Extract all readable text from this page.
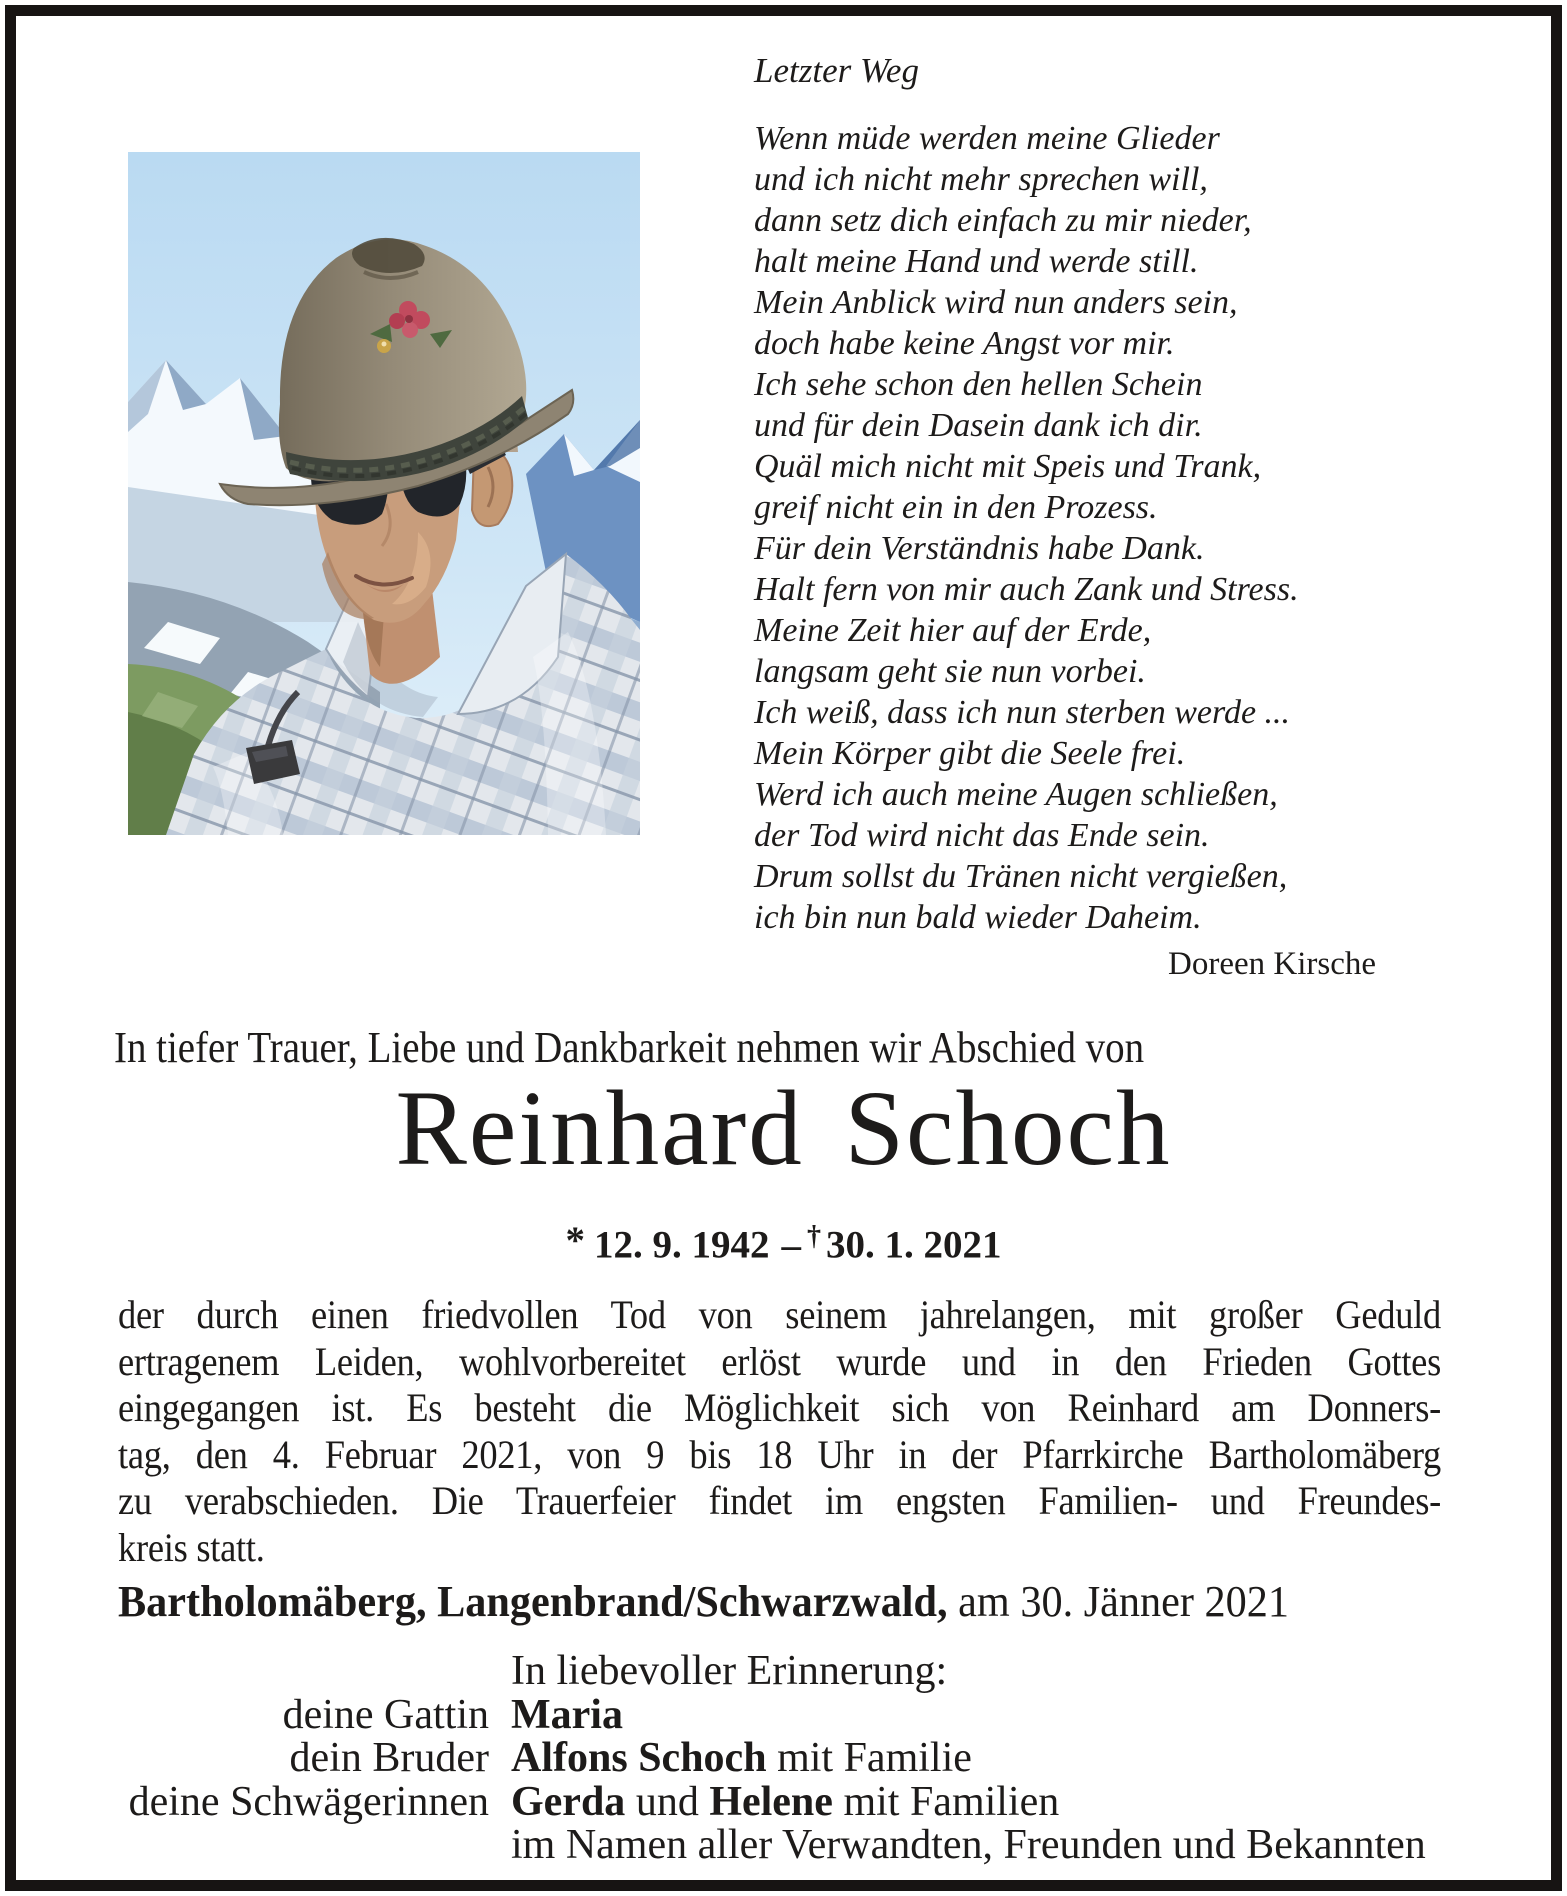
Letzter Weg
Wenn müde werden meine Glieder
und ich nicht mehr sprechen will,
dann setz dich einfach zu mir nieder,
halt meine Hand und werde still.
Mein Anblick wird nun anders sein,
doch habe keine Angst vor mir.
Ich sehe schon den hellen Schein
und für dein Dasein dank ich dir.
Quäl mich nicht mit Speis und Trank,
greif nicht ein in den Prozess.
Für dein Verständnis habe Dank.
Halt fern von mir auch Zank und Stress.
Meine Zeit hier auf der Erde,
langsam geht sie nun vorbei.
Ich weiß, dass ich nun sterben werde ...
Mein Körper gibt die Seele frei.
Werd ich auch meine Augen schließen,
der Tod wird nicht das Ende sein.
Drum sollst du Tränen nicht vergießen,
ich bin nun bald wieder Daheim.
Doreen Kirsche
In tiefer Trauer, Liebe und Dankbarkeit nehmen wir Abschied von
Reinhard Schoch
* 12. 9. 1942 – † 30. 1. 2021
der durch einen friedvollen Tod von seinem jahrelangen, mit großer Geduld
ertragenem Leiden, wohlvorbereitet erlöst wurde und in den Frieden Gottes
eingegangen ist. Es besteht die Möglichkeit sich von Reinhard am Donners-
tag, den 4. Februar 2021, von 9 bis 18 Uhr in der Pfarrkirche Bartholomäberg
zu verabschieden. Die Trauerfeier findet im engsten Familien- und Freundes-
kreis statt.
Bartholomäberg, Langenbrand/Schwarzwald, am 30. Jänner 2021
In liebevoller Erinnerung:
deine Gattin Maria
dein Bruder Alfons Schoch mit Familie
deine Schwägerinnen Gerda und Helene mit Familien
im Namen aller Verwandten, Freunden und Bekannten
